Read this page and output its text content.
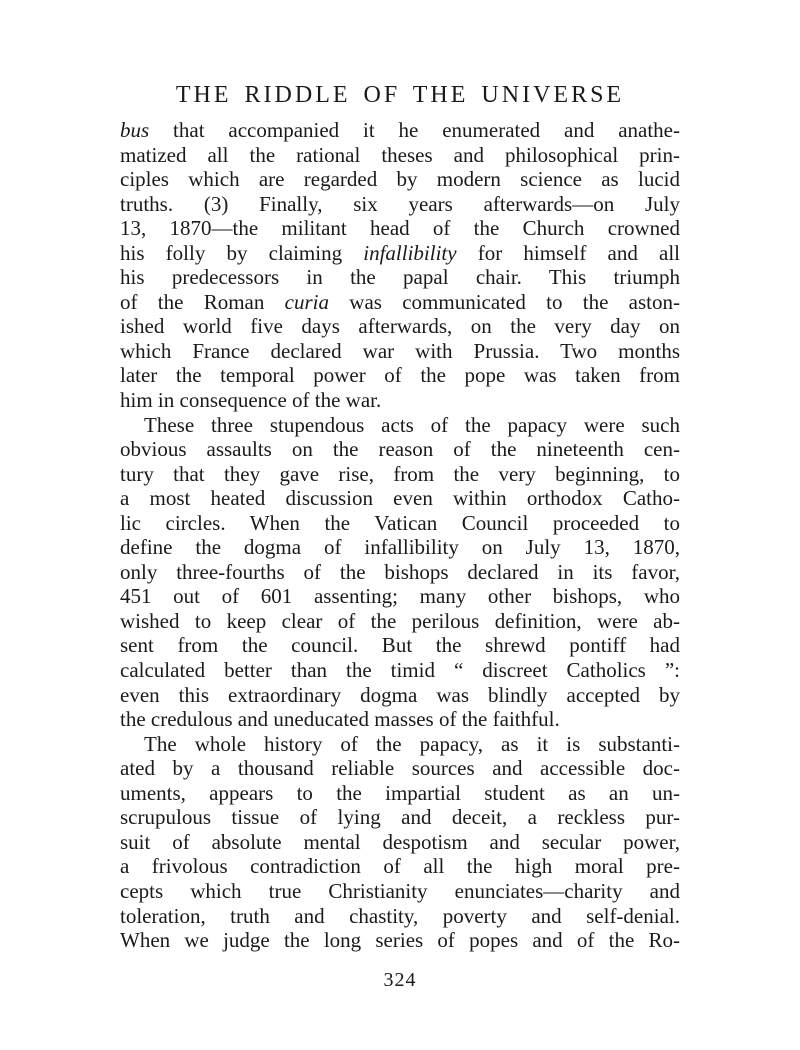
THE RIDDLE OF THE UNIVERSE
bus that accompanied it he enumerated and anathe-
matized all the rational theses and philosophical prin-
ciples which are regarded by modern science as lucid
truths. (3) Finally, six years afterwards—on July
13, 1870—the militant head of the Church crowned
his folly by claiming infallibility for himself and all
his predecessors in the papal chair. This triumph
of the Roman curia was communicated to the aston-
ished world five days afterwards, on the very day on
which France declared war with Prussia. Two months
later the temporal power of the pope was taken from
him in consequence of the war.
These three stupendous acts of the papacy were such
obvious assaults on the reason of the nineteenth cen-
tury that they gave rise, from the very beginning, to
a most heated discussion even within orthodox Catho-
lic circles. When the Vatican Council proceeded to
define the dogma of infallibility on July 13, 1870,
only three-fourths of the bishops declared in its favor,
451 out of 601 assenting; many other bishops, who
wished to keep clear of the perilous definition, were ab-
sent from the council. But the shrewd pontiff had
calculated better than the timid “ discreet Catholics ”:
even this extraordinary dogma was blindly accepted by
the credulous and uneducated masses of the faithful.
The whole history of the papacy, as it is substanti-
ated by a thousand reliable sources and accessible doc-
uments, appears to the impartial student as an un-
scrupulous tissue of lying and deceit, a reckless pur-
suit of absolute mental despotism and secular power,
a frivolous contradiction of all the high moral pre-
cepts which true Christianity enunciates—charity and
toleration, truth and chastity, poverty and self-denial.
When we judge the long series of popes and of the Ro-
324
